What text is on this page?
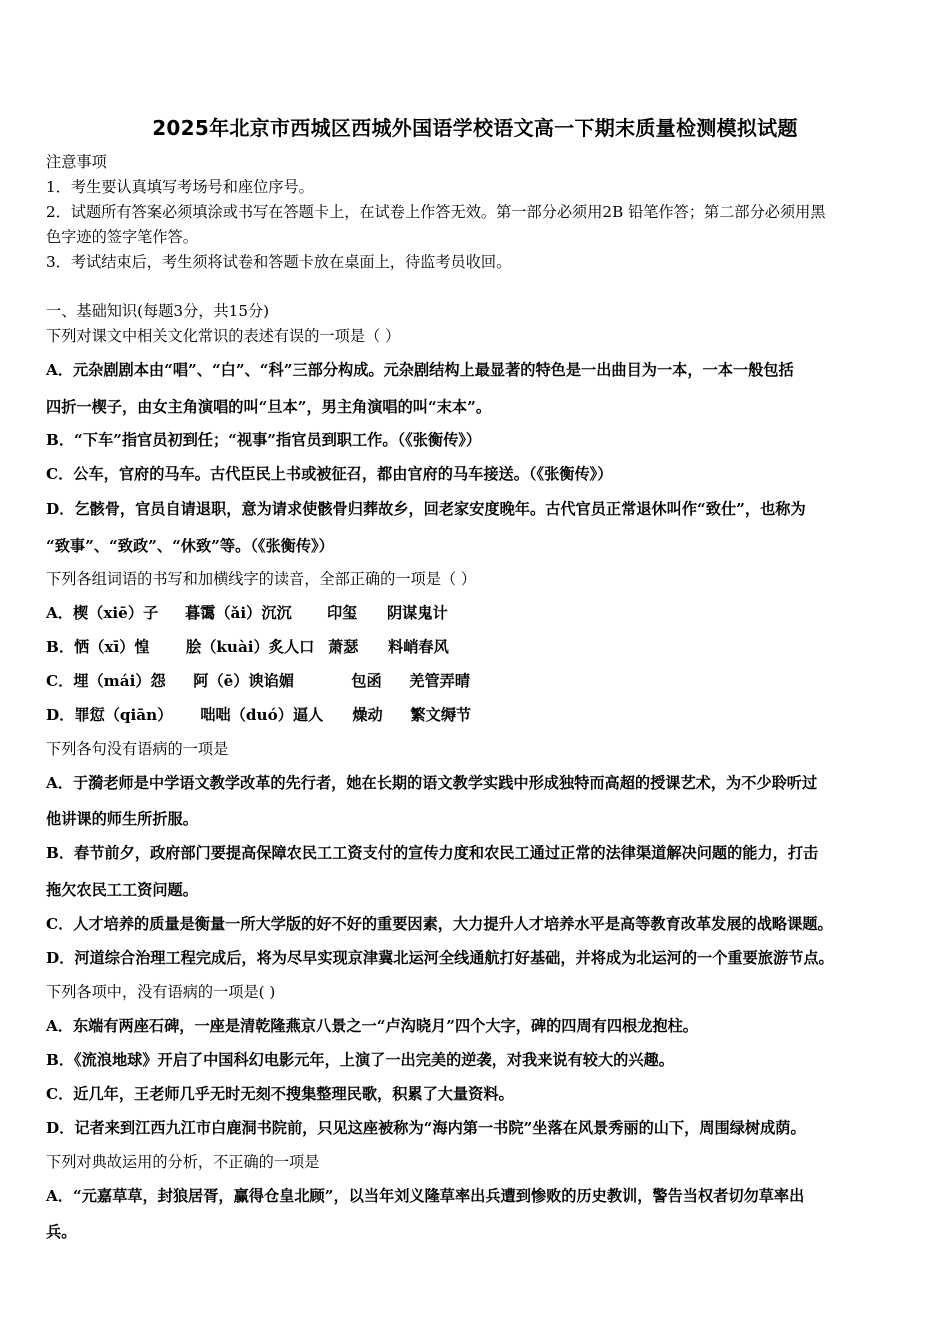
2025年北京市西城区西城外国语学校语文高一下期末质量检测模拟试题
注意事项
1．考生要认真填写考场号和座位序号。
2．试题所有答案必须填涂或书写在答题卡上，在试卷上作答无效。第一部分必须用2B 铅笔作答；第二部分必须用黑
色字迹的签字笔作答。
3．考试结束后，考生须将试卷和答题卡放在桌面上，待监考员收回。
一、基础知识(每题3分，共15分)
下列对课文中相关文化常识的表述有误的一项是（ ）
A．元杂剧剧本由“唱”、“白”、“科”三部分构成。元杂剧结构上最显著的特色是一出曲目为一本，一本一般包括
四折一楔子，由女主角演唱的叫“旦本”，男主角演唱的叫“末本”。
B．“下车”指官员初到任；“视事”指官员到职工作。（《张衡传》）
C．公车，官府的马车。古代臣民上书或被征召，都由官府的马车接送。（《张衡传》）
D．乞骸骨，官员自请退职，意为请求使骸骨归葬故乡，回老家安度晚年。古代官员正常退休叫作“致仕”，也称为
“致事”、“致政”、“休致”等。（《张衡传》）
下列各组词语的书写和加横线字的读音，全部正确的一项是（ ）
A．楔（xiē）子 暮霭（ǎi）沉沉 印玺 阴谋鬼计
B．恓（xī）惶 脍（kuài）炙人口 萧瑟 料峭春风
C．埋（mái）怨 阿（ē）谀谄媚	包函 羌管弄晴
D．罪愆（qiān） 咄咄（duó）逼人 燥动 繁文缛节
下列各句没有语病的一项是
A．于漪老师是中学语文教学改革的先行者，她在长期的语文教学实践中形成独特而高超的授课艺术，为不少聆听过
他讲课的师生所折服。
B．春节前夕，政府部门要提高保障农民工工资支付的宣传力度和农民工通过正常的法律渠道解决问题的能力，打击
拖欠农民工工资问题。
C．人才培养的质量是衡量一所大学版的好不好的重要因素，大力提升人才培养水平是高等教育改革发展的战略课题。
D．河道综合治理工程完成后，将为尽早实现京津冀北运河全线通航打好基础，并将成为北运河的一个重要旅游节点。
下列各项中，没有语病的一项是( )
A．东端有两座石碑，一座是清乾隆燕京八景之一“卢沟晓月”四个大字，碑的四周有四根龙抱柱。
B．《流浪地球》开启了中国科幻电影元年，上演了一出完美的逆袭，对我来说有较大的兴趣。
C．近几年，王老师几乎无时无刻不搜集整理民歌，积累了大量资料。
D．记者来到江西九江市白鹿洞书院前，只见这座被称为“海内第一书院”坐落在风景秀丽的山下，周围绿树成荫。
下列对典故运用的分析，不正确的一项是
A．“元嘉草草，封狼居胥，赢得仓皇北顾”，以当年刘义隆草率出兵遭到惨败的历史教训，警告当权者切勿草率出
兵。
